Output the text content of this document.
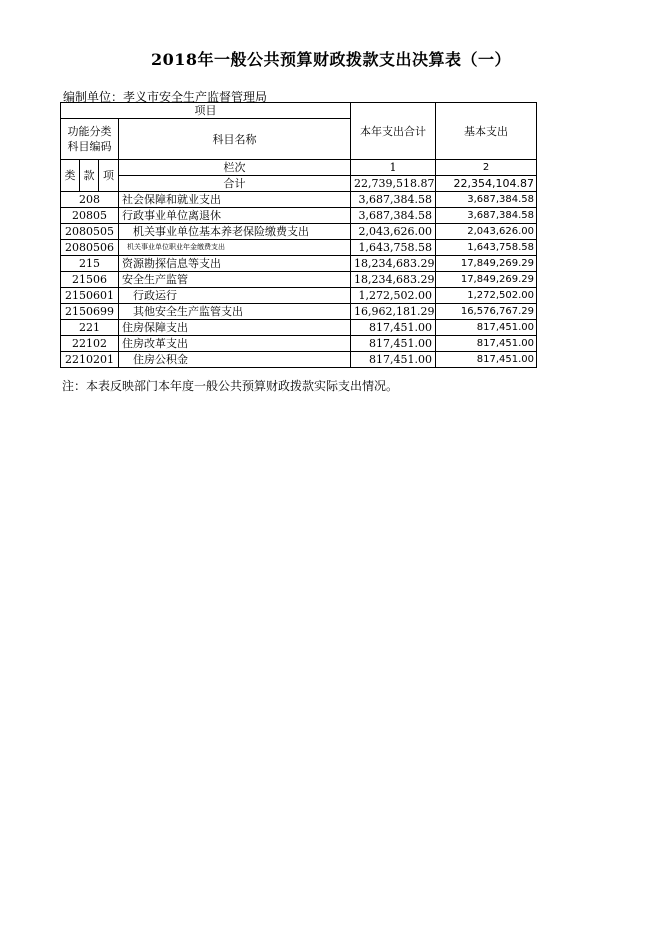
2018年一般公共预算财政拨款支出决算表（一）
编制单位：孝义市安全生产监督管理局
项目				本年支出合计	基本支出
功能分类科目编码			科目名称		

类	款	项	栏次	1	2
			合计	22,739,518.87	22,354,104.87
208			社会保障和就业支出	3,687,384.58	3,687,384.58
20805			行政事业单位离退休	3,687,384.58	3,687,384.58
2080505			机关事业单位基本养老保险缴费支出	2,043,626.00	2,043,626.00
2080506			机关事业单位职业年金缴费支出	1,643,758.58	1,643,758.58
215			资源勘探信息等支出	18,234,683.29	17,849,269.29
21506			安全生产监管	18,234,683.29	17,849,269.29
2150601			行政运行	1,272,502.00	1,272,502.00
2150699			其他安全生产监管支出	16,962,181.29	16,576,767.29
221			住房保障支出	817,451.00	817,451.00
22102			住房改革支出	817,451.00	817,451.00
2210201			住房公积金	817,451.00	817,451.00
注：本表反映部门本年度一般公共预算财政拨款实际支出情况。
